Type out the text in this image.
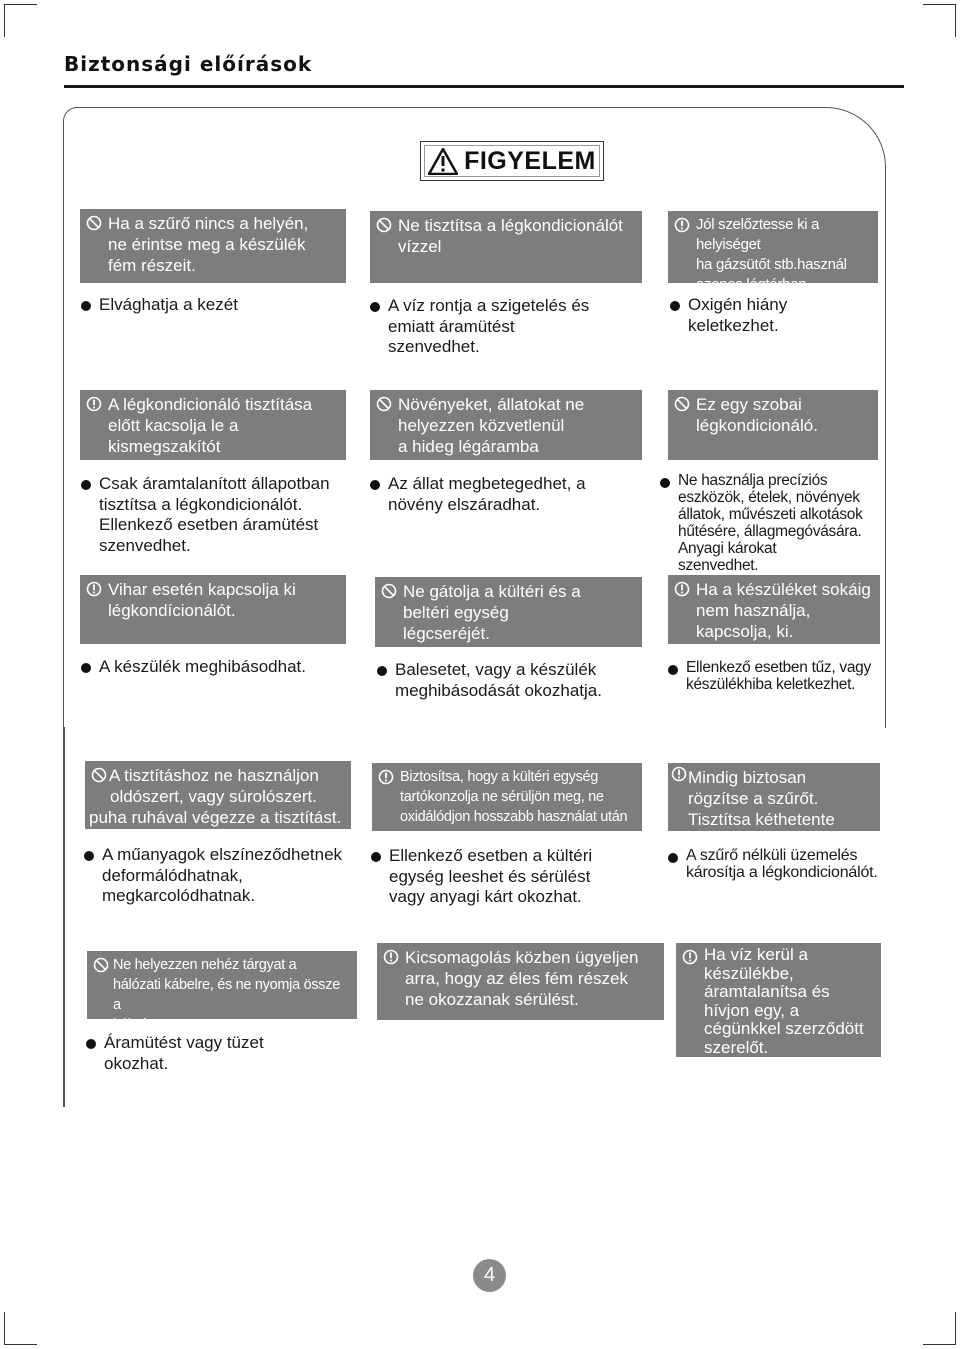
Biztonsági előírások
FIGYELEM
Ha a szűrő nincs a helyén,
ne érintse meg a készülék
fém részeit.
Elvághatja a kezét
Ne tisztítsa a légkondicionálót
vízzel
A víz rontja a szigetelés és
emiatt áramütést
szenvedhet.
Jól szelőztesse ki a helyiséget
ha gázsütőt stb.használ
azonos légtérben.
Oxigén hiány
keletkezhet.
A légkondicionáló tisztítása
előtt kacsolja le a
kismegszakítót
Csak áramtalanított állapotban
tisztítsa a légkondicionálót.
Ellenkező esetben áramütést
szenvedhet.
Növényeket, állatokat ne
helyezzen közvetlenül
a hideg légáramba
Az állat megbetegedhet, a
növény elszáradhat.
Ez egy szobai
légkondicionáló.
Ne használja precíziós
eszközök, ételek, növények
állatok, művészeti alkotások
hűtésére, állagmegóvására.
Anyagi károkat
szenvedhet.
Vihar esetén kapcsolja ki
légkondícionálót.
A készülék meghibásodhat.
Ne gátolja a kültéri és a
beltéri egység
légcseréjét.
Balesetet, vagy a készülék
meghibásodását okozhatja.
Ha a készüléket sokáig
nem használja,
kapcsolja, ki.
Ellenkező esetben tűz, vagy
készülékhiba keletkezhet.
A tisztításhoz ne használjon
oldószert, vagy súrolószert.
puha ruhával végezze a tisztítást.
A műanyagok elszíneződhetnek
deformálódhatnak,
megkarcolódhatnak.
Biztosítsa, hogy a kültéri egység
tartókonzolja ne sérüljön meg, ne
oxidálódjon hosszabb használat után sem.
Ellenkező esetben a kültéri
egység leeshet és sérülést
vagy anyagi kárt okozhat.
Mindig biztosan
rögzítse a szűrőt.
Tisztítsa kéthetente
A szűrő nélküli üzemelés
károsítja a légkondicionálót.
Ne helyezzen nehéz tárgyat a
hálózati kábelre, és ne nyomja össze a
kábelt.
Áramütést vagy tüzet
okozhat.
Kicsomagolás közben ügyeljen
arra, hogy az éles fém részek
ne okozzanak sérülést.
Ha víz kerül a
készülékbe,
áramtalanítsa és
hívjon egy, a
cégünkkel szerződött
szerelőt.
4
